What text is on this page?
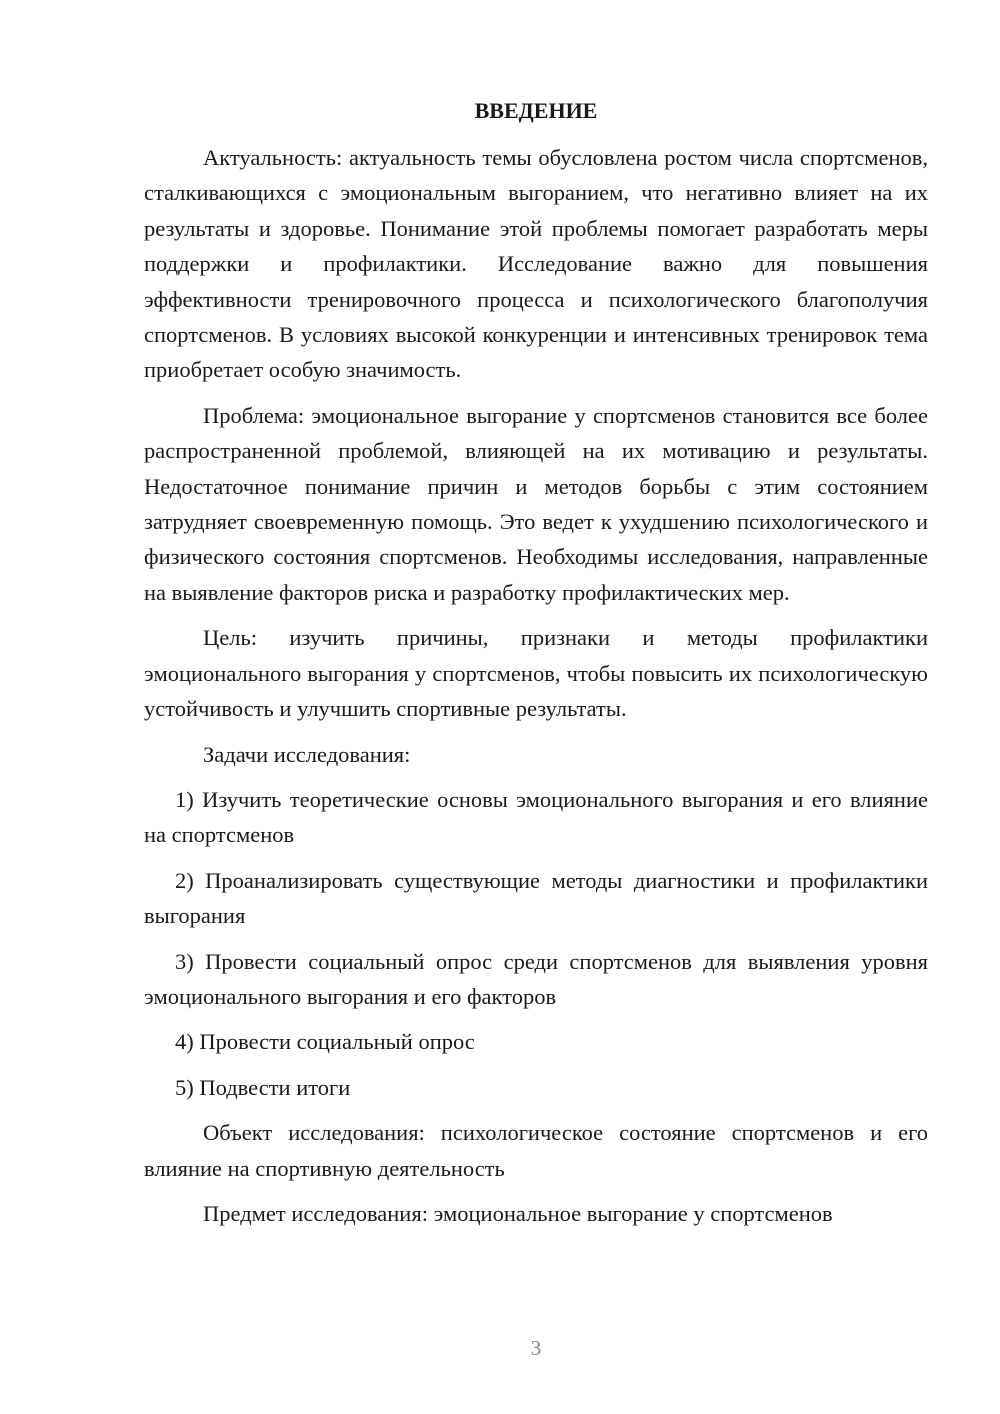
ВВЕДЕНИЕ

Актуальность: актуальность темы обусловлена ростом числа спортсменов, сталкивающихся с эмоциональным выгоранием, что негативно влияет на их результаты и здоровье. Понимание этой проблемы помогает разработать меры поддержки и профилактики. Исследование важно для повышения эффективности тренировочного процесса и психологического благополучия спортсменов. В условиях высокой конкуренции и интенсивных тренировок тема приобретает особую значимость.

Проблема: эмоциональное выгорание у спортсменов становится все более распространенной проблемой, влияющей на их мотивацию и результаты. Недостаточное понимание причин и методов борьбы с этим состоянием затрудняет своевременную помощь. Это ведет к ухудшению психологического и физического состояния спортсменов. Необходимы исследования, направленные на выявление факторов риска и разработку профилактических мер.

Цель: изучить причины, признаки и методы профилактики эмоционального выгорания у спортсменов, чтобы повысить их психологическую устойчивость и улучшить спортивные результаты.

Задачи исследования:

1) Изучить теоретические основы эмоционального выгорания и его влияние на спортсменов

2) Проанализировать существующие методы диагностики и профилактики выгорания

3) Провести социальный опрос среди спортсменов для выявления уровня эмоционального выгорания и его факторов

4) Провести социальный опрос

5) Подвести итоги

Объект исследования: психологическое состояние спортсменов и его влияние на спортивную деятельность

Предмет исследования: эмоциональное выгорание у спортсменов

3
